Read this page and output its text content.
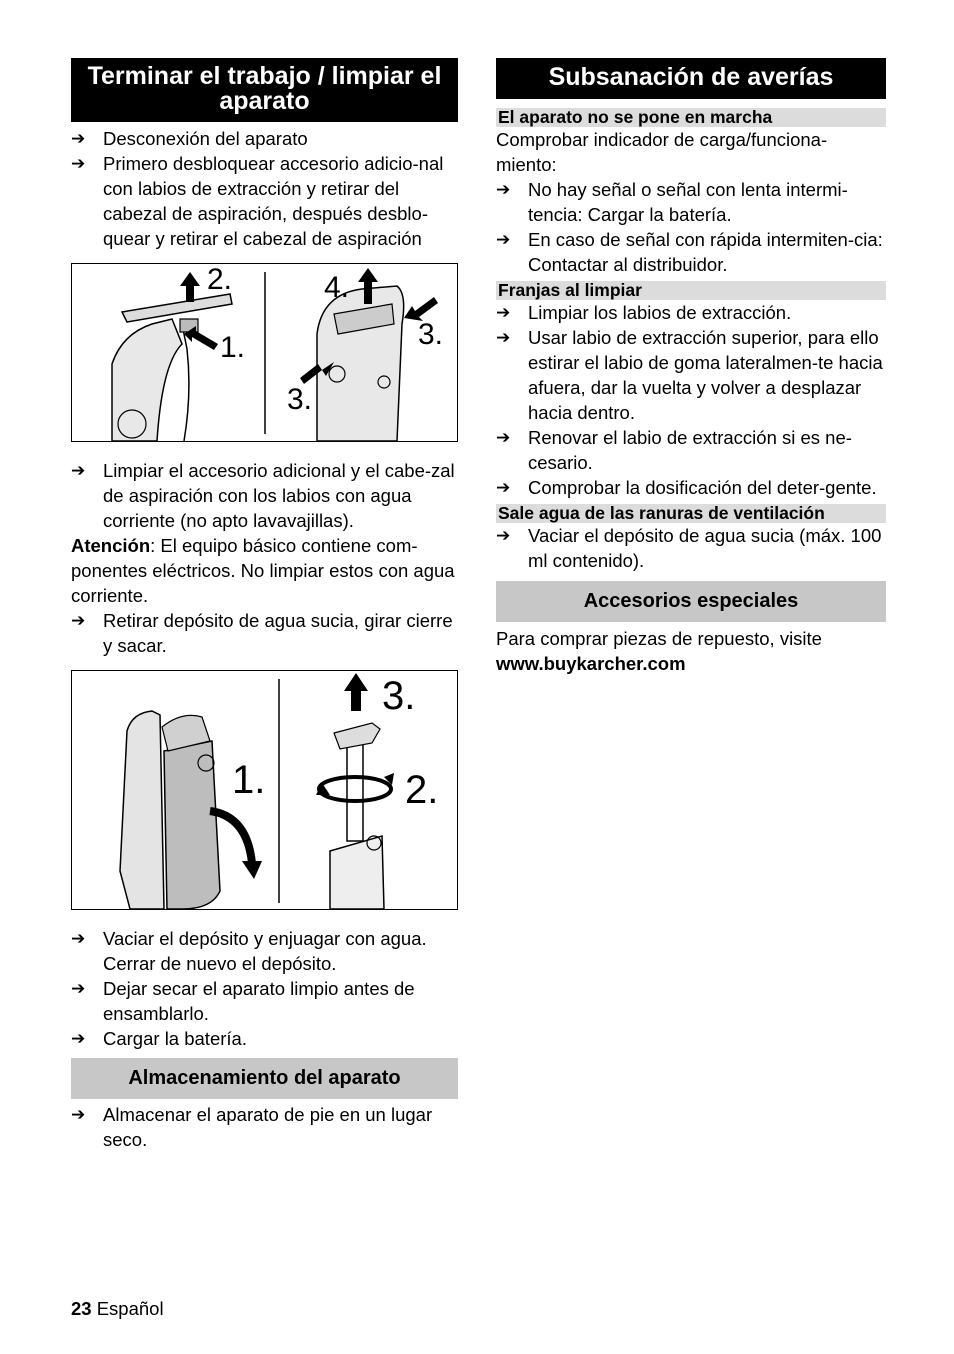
Terminar el trabajo / limpiar el aparato
➔ Desconexión del aparato
➔ Primero desbloquear accesorio adicio-nal con labios de extracción y retirar del cabezal de aspiración, después desblo-quear y retirar el cabezal de aspiración
2.
1.
4.
3.
3.
➔ Limpiar el accesorio adicional y el cabe-zal de aspiración con los labios con agua corriente (no apto lavavajillas).

Atención: El equipo básico contiene com-ponentes eléctricos. No limpiar estos con agua corriente.

➔ Retirar depósito de agua sucia, girar cierre y sacar.
1.
3.
2.
➔ Vaciar el depósito y enjuagar con agua. Cerrar de nuevo el depósito.
➔ Dejar secar el aparato limpio antes de ensamblarlo.
➔ Cargar la batería.
Almacenamiento del aparato
➔ Almacenar el aparato de pie en un lugar seco.
Subsanación de averías
El aparato no se pone en marcha

Comprobar indicador de carga/funciona-miento:

➔ No hay señal o señal con lenta intermi-tencia: Cargar la batería.
➔ En caso de señal con rápida intermiten-cia: Contactar al distribuidor.
Franjas al limpiar
➔ Limpiar los labios de extracción.
➔ Usar labio de extracción superior, para ello estirar el labio de goma lateralmen-te hacia afuera, dar la vuelta y volver a desplazar hacia dentro.
➔ Renovar el labio de extracción si es ne-cesario.
➔ Comprobar la dosificación del deter-gente.
Sale agua de las ranuras de ventilación
➔ Vaciar el depósito de agua sucia (máx. 100 ml contenido).
Accesorios especiales

Para comprar piezas de repuesto, visite

www.buykarcher.com

23 Español
